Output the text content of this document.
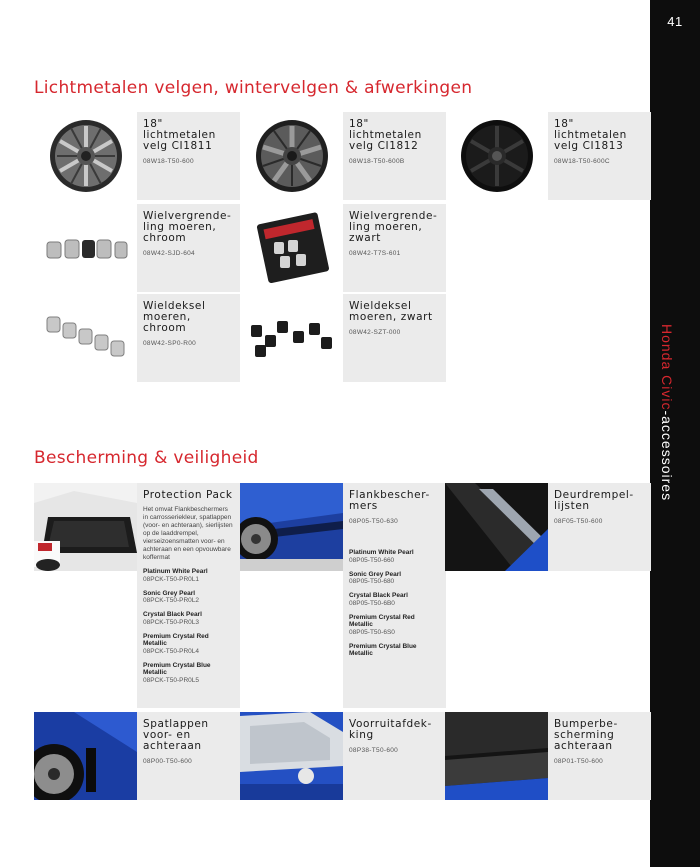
41
Honda Civic-accessoires
Lichtmetalen velgen, wintervelgen & afwerkingen
18" lichtmetalen velg CI1811
08W18-T50-600
18" lichtmetalen velg CI1812
08W18-T50-600B
18" lichtmetalen velg CI1813
08W18-T50-600C
Wielvergrende-ling moeren, chroom
08W42-SJD-604
Wielvergrende-ling moeren, zwart
08W42-T7S-601
Wieldeksel moeren, chroom
08W42-SP0-R00
Wieldeksel moeren, zwart
08W42-SZT-000
Bescherming & veiligheid
Protection Pack
Het omvat Flankbeschermers in carrosseriekleur, spatlappen (voor- en achteraan), sierlijsten op de laaddrempel, vierseizoensmatten voor- en achteraan en een opvouwbare koffermat
Platinum White Pearl
08PCK-T50-PR0L1
Sonic Grey Pearl
08PCK-T50-PR0L2
Crystal Black Pearl
08PCK-T50-PR0L3
Premium Crystal Red Metallic
08PCK-T50-PR0L4
Premium Crystal Blue Metallic
08PCK-T50-PR0L5
Flankbescher-mers
08P05-T50-630
Platinum White Pearl
08P05-T50-660
Sonic Grey Pearl
08P05-T50-680
Crystal Black Pearl
08P05-T50-6B0
Premium Crystal Red Metallic
08P05-T50-6S0
Premium Crystal Blue Metallic
Deurdrempel-lijsten
08F05-T50-600
Spatlappen voor- en achteraan
08P00-T50-600
Voorruitafdek-king
08P38-T50-600
Bumperbe-scherming achteraan
08P01-T50-600
